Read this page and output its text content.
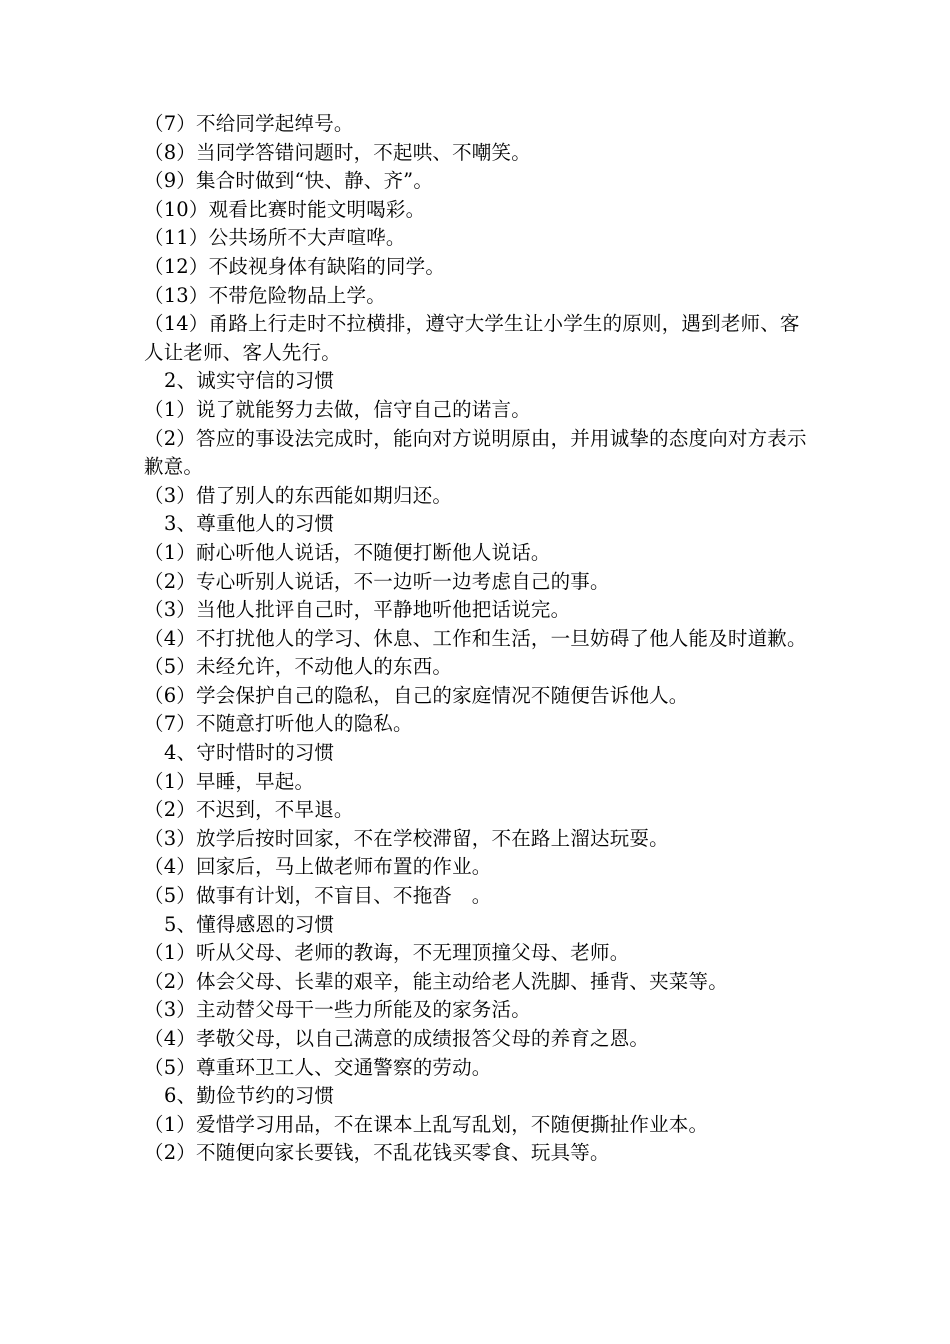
（7）不给同学起绰号。

（8）当同学答错问题时，不起哄、不嘲笑。

（9）集合时做到“快、静、齐”。

（10）观看比赛时能文明喝彩。

（11）公共场所不大声喧哗。

（12）不歧视身体有缺陷的同学。

（13）不带危险物品上学。

（14）甬路上行走时不拉横排，遵守大学生让小学生的原则，遇到老师、客人让老师、客人先行。

2、诚实守信的习惯

（1）说了就能努力去做，信守自己的诺言。

（2）答应的事设法完成时，能向对方说明原由，并用诚挚的态度向对方表示歉意。

（3）借了别人的东西能如期归还。

3、尊重他人的习惯

（1）耐心听他人说话，不随便打断他人说话。

（2）专心听别人说话，不一边听一边考虑自己的事。

（3）当他人批评自己时，平静地听他把话说完。

（4）不打扰他人的学习、休息、工作和生活，一旦妨碍了他人能及时道歉。

（5）未经允许，不动他人的东西。

（6）学会保护自己的隐私，自己的家庭情况不随便告诉他人。

（7）不随意打听他人的隐私。

4、守时惜时的习惯

（1）早睡，早起。

（2）不迟到，不早退。

（3）放学后按时回家，不在学校滞留，不在路上溜达玩耍。

（4）回家后，马上做老师布置的作业。

（5）做事有计划，不盲目、不拖沓　。

5、懂得感恩的习惯

（1）听从父母、老师的教诲，不无理顶撞父母、老师。

（2）体会父母、长辈的艰辛，能主动给老人洗脚、捶背、夹菜等。

（3）主动替父母干一些力所能及的家务活。

（4）孝敬父母，以自己满意的成绩报答父母的养育之恩。

（5）尊重环卫工人、交通警察的劳动。

6、勤俭节约的习惯

（1）爱惜学习用品，不在课本上乱写乱划，不随便撕扯作业本。

（2）不随便向家长要钱，不乱花钱买零食、玩具等。
